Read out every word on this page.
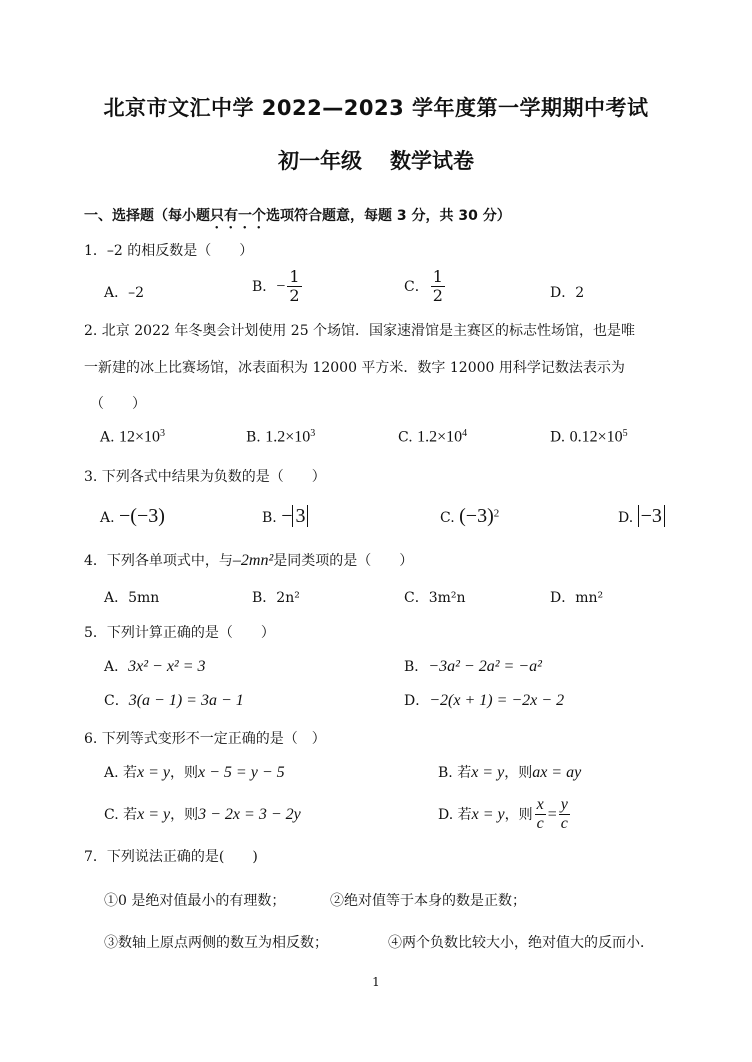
北京市文汇中学 2022—2023 学年度第一学期期中考试
初一年级 数学试卷
一、选择题（每小题只有一个选项符合题意，每题 3 分，共 30 分）
1．–2 的相反数是（　　）
A．–2	B．− $\frac{1}{2}$	C． $\frac{1}{2}$	D．2
2. 北京 2022 年冬奥会计划使用 25 个场馆．国家速滑馆是主赛区的标志性场馆，也是唯
一新建的冰上比赛场馆，冰表面积为 12000 平方米．数字 12000 用科学记数法表示为
（　　）
A. $12\times 10^3$	B. $1.2\times 10^3$	C. $1.2\times 10^4$	D. $0.12\times 10^5$
3. 下列各式中结果为负数的是（　　）
A. −(−3)	B. − 3	C. $(-3)^2$	D. −3
4．下列各单项式中，与–2mn²是同类项的是（　　）
A．5mn	B．2n²	C．3m²n	D．mn²
5．下列计算正确的是（　　）
A．3x² − x² = 3	B．−3a² − 2a² = −a²
C．3(a − 1) = 3a − 1	D．−2(x + 1) = −2x − 2
6. 下列等式变形不一定正确的是（　）
A. 若x = y，则x − 5 = y − 5	B. 若x = y，则ax = ay
C. 若x = y，则3 − 2x = 3 − 2y	D. 若x = y，则 $\frac{x}{c} = \frac{y}{c}$
7．下列说法正确的是(　　)
①0 是绝对值最小的有理数；	②绝对值等于本身的数是正数；
③数轴上原点两侧的数互为相反数；	④两个负数比较大小，绝对值大的反而小．
1
